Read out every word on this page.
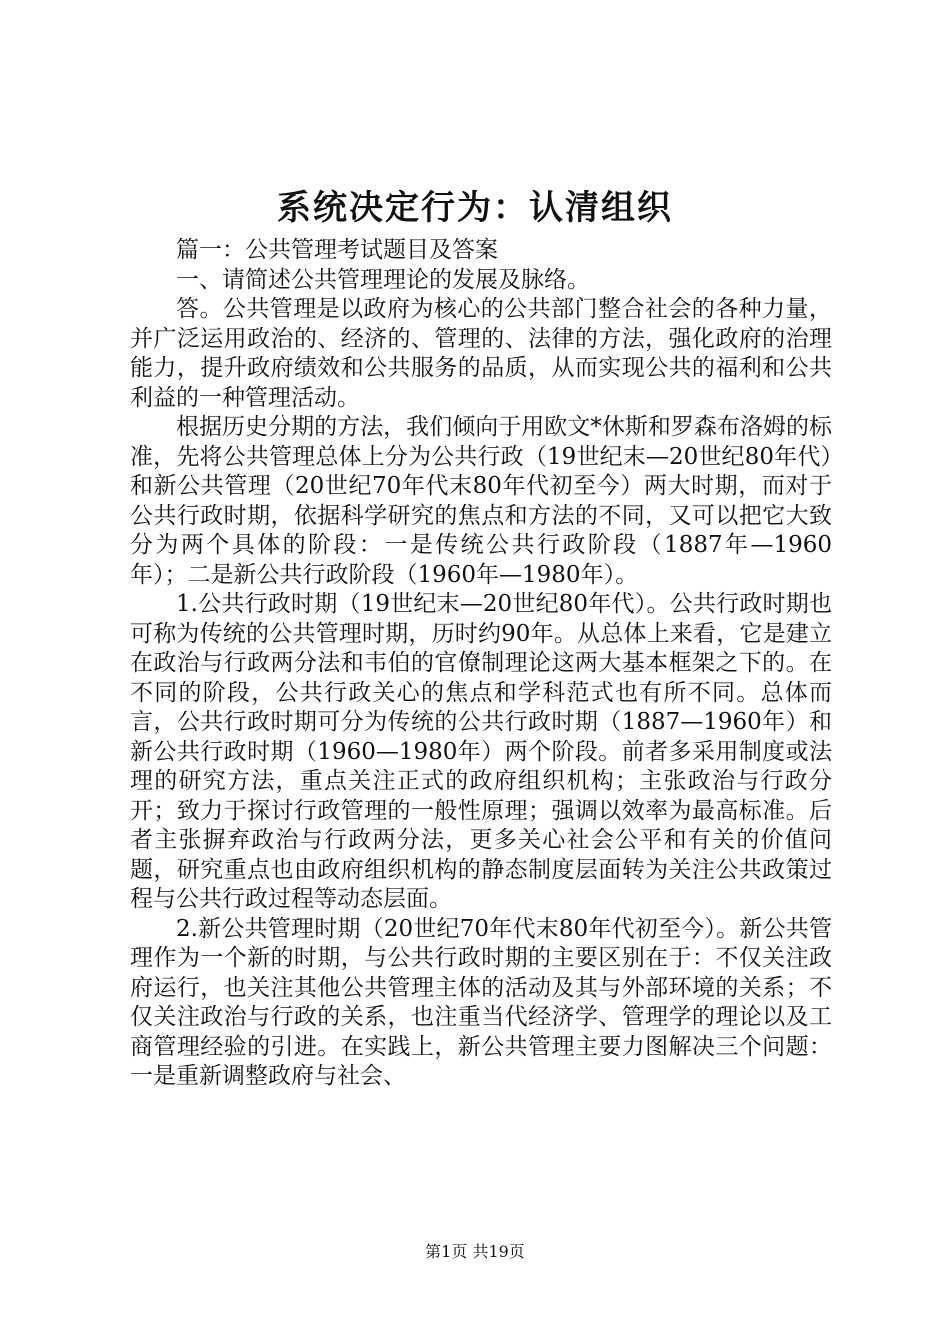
系统决定行为：认清组织

篇一：公共管理考试题目及答案

一、请简述公共管理理论的发展及脉络。

答。公共管理是以政府为核心的公共部门整合社会的各种力量，并广泛运用政治的、经济的、管理的、法律的方法，强化政府的治理能力，提升政府绩效和公共服务的品质，从而实现公共的福利和公共利益的一种管理活动。

根据历史分期的方法，我们倾向于用欧文*休斯和罗森布洛姆的标准，先将公共管理总体上分为公共行政（19世纪末—20世纪80年代）和新公共管理（20世纪70年代末80年代初至今）两大时期，而对于公共行政时期，依据科学研究的焦点和方法的不同，又可以把它大致分为两个具体的阶段：一是传统公共行政阶段（1887年—1960年）；二是新公共行政阶段（1960年—1980年）。

1.公共行政时期（19世纪末—20世纪80年代）。公共行政时期也可称为传统的公共管理时期，历时约90年。从总体上来看，它是建立在政治与行政两分法和韦伯的官僚制理论这两大基本框架之下的。在不同的阶段，公共行政关心的焦点和学科范式也有所不同。总体而言，公共行政时期可分为传统的公共行政时期（1887—1960年）和新公共行政时期（1960—1980年）两个阶段。前者多采用制度或法理的研究方法，重点关注正式的政府组织机构；主张政治与行政分开；致力于探讨行政管理的一般性原理；强调以效率为最高标准。后者主张摒弃政治与行政两分法，更多关心社会公平和有关的价值问题，研究重点也由政府组织机构的静态制度层面转为关注公共政策过程与公共行政过程等动态层面。

2.新公共管理时期（20世纪70年代末80年代初至今）。新公共管理作为一个新的时期，与公共行政时期的主要区别在于：不仅关注政府运行，也关注其他公共管理主体的活动及其与外部环境的关系；不仅关注政治与行政的关系，也注重当代经济学、管理学的理论以及工商管理经验的引进。在实践上，新公共管理主要力图解决三个问题：一是重新调整政府与社会、

第1页 共19页
